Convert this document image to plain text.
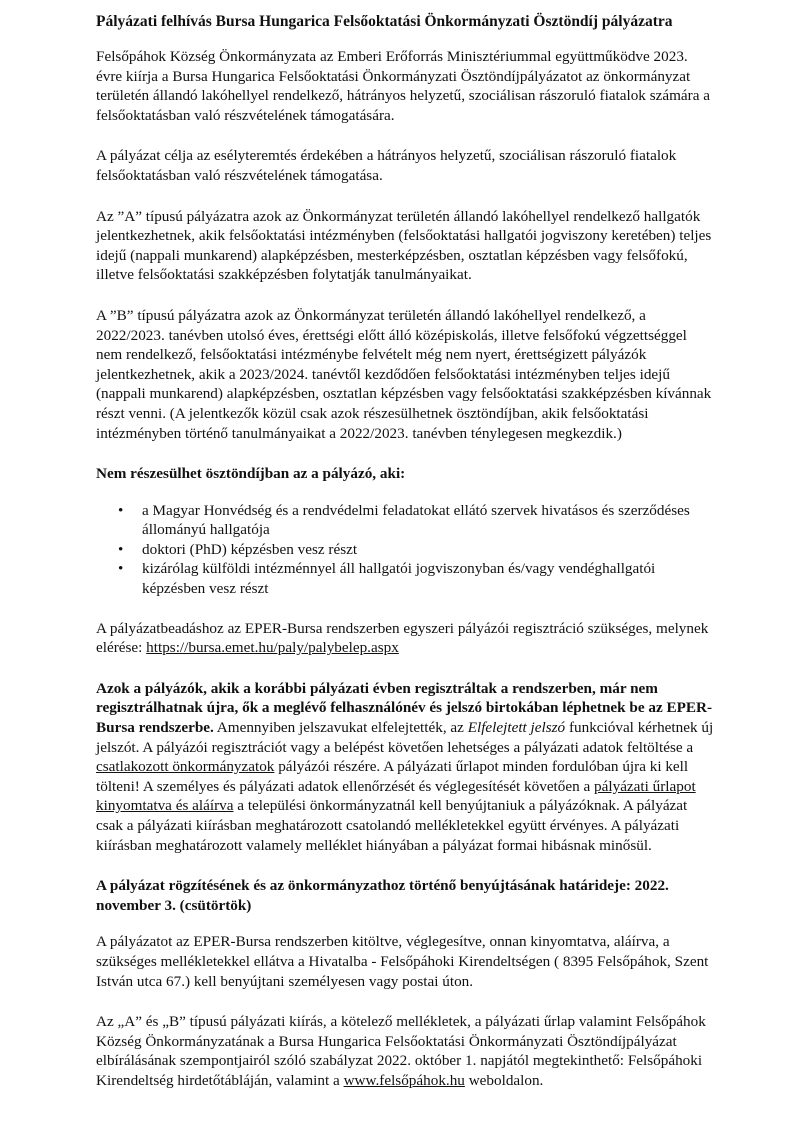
Pályázati felhívás Bursa Hungarica Felsőoktatási Önkormányzati Ösztöndíj pályázatra

Felsőpáhok Község Önkormányzata az Emberi Erőforrás Minisztériummal együttműködve 2023. évre kiírja a Bursa Hungarica Felsőoktatási Önkormányzati Ösztöndíjpályázatot az önkormányzat területén állandó lakóhellyel rendelkező, hátrányos helyzetű, szociálisan rászoruló fiatalok számára a felsőoktatásban való részvételének támogatására.

A pályázat célja az esélyteremtés érdekében a hátrányos helyzetű, szociálisan rászoruló fiatalok felsőoktatásban való részvételének támogatása.

Az ”A” típusú pályázatra azok az Önkormányzat területén állandó lakóhellyel rendelkező hallgatók jelentkezhetnek, akik felsőoktatási intézményben (felsőoktatási hallgatói jogviszony keretében) teljes idejű (nappali munkarend) alapképzésben, mesterképzésben, osztatlan képzésben vagy felsőfokú, illetve felsőoktatási szakképzésben folytatják tanulmányaikat.

A ”B” típusú pályázatra azok az Önkormányzat területén állandó lakóhellyel rendelkező, a 2022/2023. tanévben utolsó éves, érettségi előtt álló középiskolás, illetve felsőfokú végzettséggel nem rendelkező, felsőoktatási intézménybe felvételt még nem nyert, érettségizett pályázók jelentkezhetnek, akik a 2023/2024. tanévtől kezdődően felsőoktatási intézményben teljes idejű (nappali munkarend) alapképzésben, osztatlan képzésben vagy felsőoktatási szakképzésben kívánnak részt venni. (A jelentkezők közül csak azok részesülhetnek ösztöndíjban, akik felsőoktatási intézményben történő tanulmányaikat a 2022/2023. tanévben ténylegesen megkezdik.)

Nem részesülhet ösztöndíjban az a pályázó, aki:
• a Magyar Honvédség és a rendvédelmi feladatokat ellátó szervek hivatásos és szerződéses állományú hallgatója
• doktori (PhD) képzésben vesz részt
• kizárólag külföldi intézménnyel áll hallgatói jogviszonyban és/vagy vendéghallgatói képzésben vesz részt

A pályázatbeadáshoz az EPER-Bursa rendszerben egyszeri pályázói regisztráció szükséges, melynek elérése: https://bursa.emet.hu/paly/palybelep.aspx

Azok a pályázók, akik a korábbi pályázati évben regisztráltak a rendszerben, már nem regisztrálhatnak újra, ők a meglévő felhasználónév és jelszó birtokában léphetnek be az EPER-Bursa rendszerbe. Amennyiben jelszavukat elfelejtették, az Elfelejtett jelszó funkcióval kérhetnek új jelszót. A pályázói regisztrációt vagy a belépést követően lehetséges a pályázati adatok feltöltése a csatlakozott önkormányzatok pályázói részére. A pályázati űrlapot minden fordulóban újra ki kell tölteni! A személyes és pályázati adatok ellenőrzését és véglegesítését követően a pályázati űrlapot kinyomtatva és aláírva a települési önkormányzatnál kell benyújtaniuk a pályázóknak. A pályázat csak a pályázati kiírásban meghatározott csatolandó mellékletekkel együtt érvényes. A pályázati kiírásban meghatározott valamely melléklet hiányában a pályázat formai hibásnak minősül.

A pályázat rögzítésének és az önkormányzathoz történő benyújtásának határideje: 2022. november 3. (csütörtök)

A pályázatot az EPER-Bursa rendszerben kitöltve, véglegesítve, onnan kinyomtatva, aláírva, a szükséges mellékletekkel ellátva a Hivatalba - Felsőpáhoki Kirendeltségen ( 8395 Felsőpáhok, Szent István utca 67.) kell benyújtani személyesen vagy postai úton.

Az „A” és „B” típusú pályázati kiírás, a kötelező mellékletek, a pályázati űrlap valamint Felsőpáhok Község Önkormányzatának a Bursa Hungarica Felsőoktatási Önkormányzati Ösztöndíjpályázat elbírálásának szempontjairól szóló szabályzat 2022. október 1. napjától megtekinthető: Felsőpáhoki Kirendeltség hirdetőtábláján, valamint a www.felsőpáhok.hu weboldalon.
